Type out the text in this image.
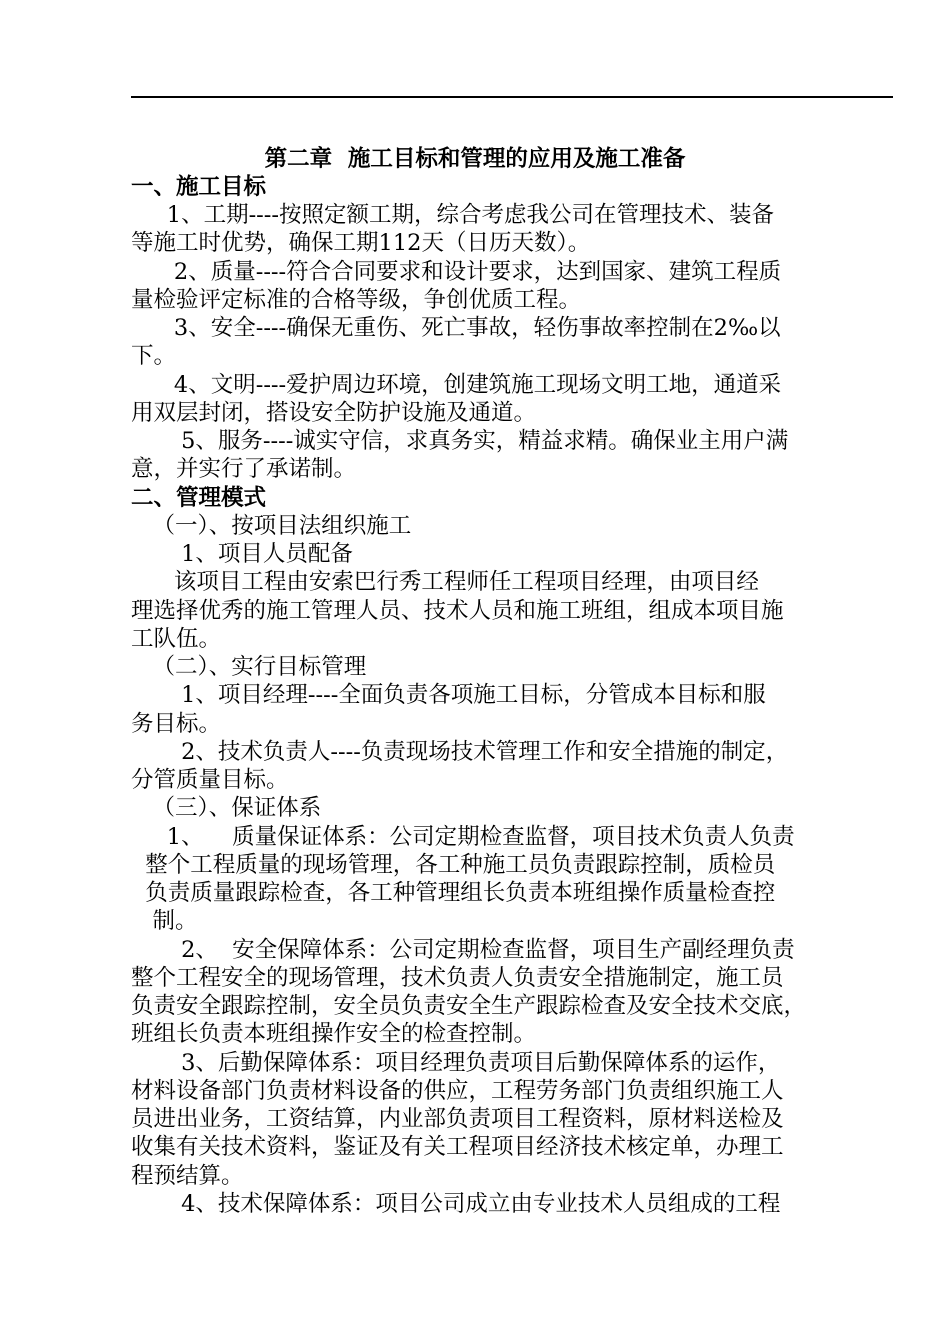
第二章  施工目标和管理的应用及施工准备
一、施工目标
1、工期----按照定额工期，综合考虑我公司在管理技术、装备
等施工时优势，确保工期112天（日历天数）。
2、质量----符合合同要求和设计要求，达到国家、建筑工程质
量检验评定标准的合格等级，争创优质工程。
3、安全----确保无重伤、死亡事故，轻伤事故率控制在2‰以
下。
4、文明----爱护周边环境，创建筑施工现场文明工地，通道采
用双层封闭，搭设安全防护设施及通道。
5、服务----诚实守信，求真务实，精益求精。确保业主用户满
意，并实行了承诺制。
二、管理模式
（一）、按项目法组织施工
1、项目人员配备
该项目工程由安索巴行秀工程师任工程项目经理，由项目经
理选择优秀的施工管理人员、技术人员和施工班组，组成本项目施
工队伍。
（二）、实行目标管理
1、项目经理----全面负责各项施工目标，分管成本目标和服
务目标。
2、技术负责人----负责现场技术管理工作和安全措施的制定，
分管质量目标。
（三）、保证体系
1、    质量保证体系：公司定期检查监督，项目技术负责人负责
整个工程质量的现场管理，各工种施工员负责跟踪控制，质检员
负责质量跟踪检查，各工种管理组长负责本班组操作质量检查控
制。
2、  安全保障体系：公司定期检查监督，项目生产副经理负责
整个工程安全的现场管理，技术负责人负责安全措施制定，施工员
负责安全跟踪控制，安全员负责安全生产跟踪检查及安全技术交底，
班组长负责本班组操作安全的检查控制。
3、后勤保障体系：项目经理负责项目后勤保障体系的运作，
材料设备部门负责材料设备的供应，工程劳务部门负责组织施工人
员进出业务，工资结算，内业部负责项目工程资料，原材料送检及
收集有关技术资料，鉴证及有关工程项目经济技术核定单，办理工
程预结算。
4、技术保障体系：项目公司成立由专业技术人员组成的工程
